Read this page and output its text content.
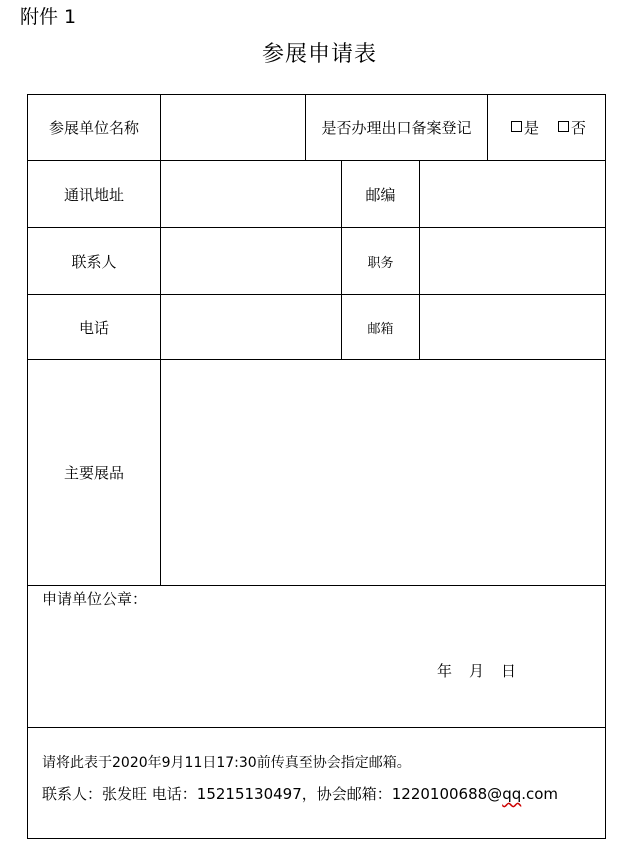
附件 1
参展申请表
参展单位名称	是否办理出口备案登记	是 否
通讯地址	邮编
联系人	职务
电话	邮箱
主要展品
申请单位公章：
年 月 日
请将此表于2020年9月11日17:30前传真至协会指定邮箱。
联系人：张发旺 电话：15215130497，协会邮箱：1220100688@qq.com
